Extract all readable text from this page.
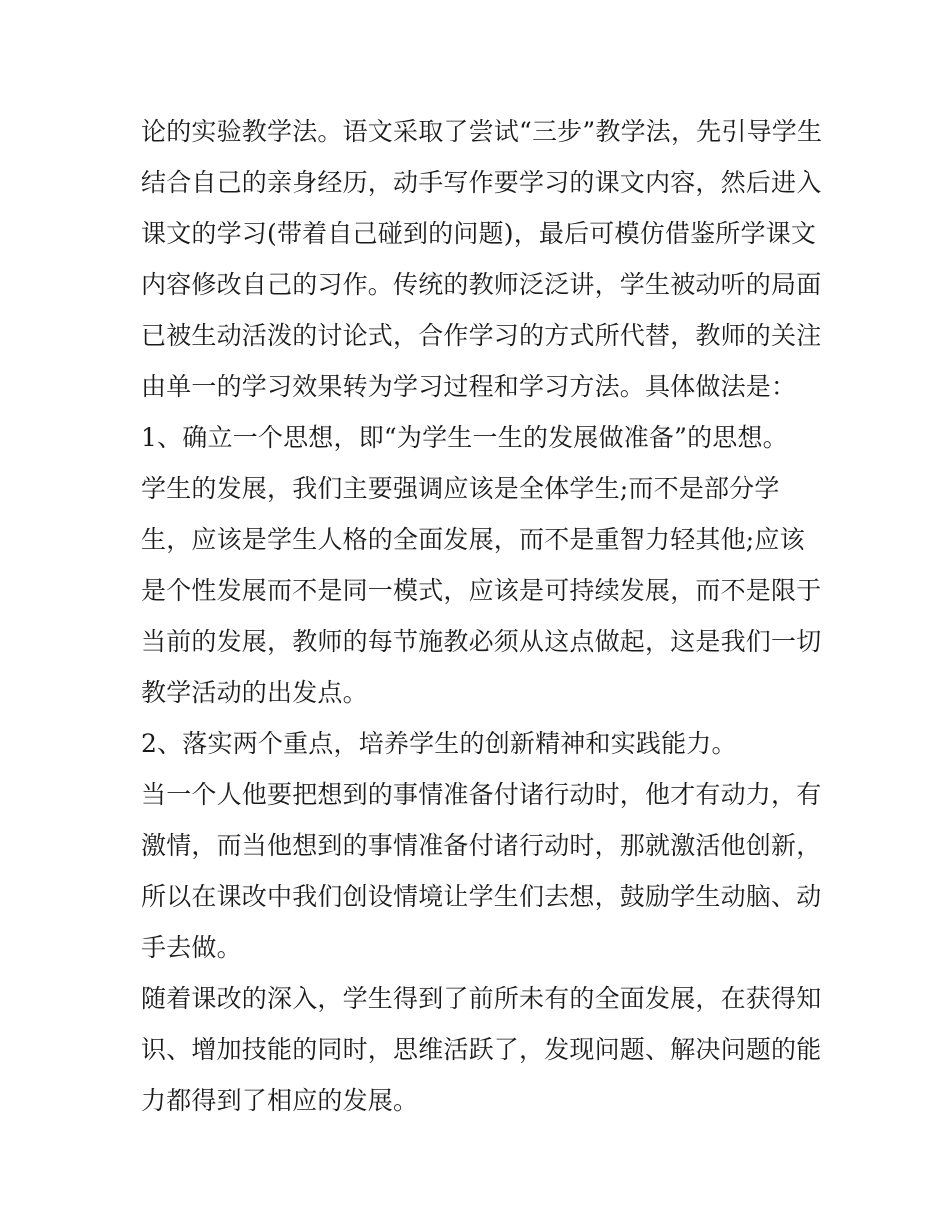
论的实验教学法。语文采取了尝试“三步”教学法，先引导学生
结合自己的亲身经历，动手写作要学习的课文内容，然后进入
课文的学习(带着自己碰到的问题)，最后可模仿借鉴所学课文
内容修改自己的习作。传统的教师泛泛讲，学生被动听的局面
已被生动活泼的讨论式，合作学习的方式所代替，教师的关注
由单一的学习效果转为学习过程和学习方法。具体做法是：
1、确立一个思想，即“为学生一生的发展做准备”的思想。
学生的发展，我们主要强调应该是全体学生;而不是部分学
生，应该是学生人格的全面发展，而不是重智力轻其他;应该
是个性发展而不是同一模式，应该是可持续发展，而不是限于
当前的发展，教师的每节施教必须从这点做起，这是我们一切
教学活动的出发点。
2、落实两个重点，培养学生的创新精神和实践能力。
当一个人他要把想到的事情准备付诸行动时，他才有动力，有
激情，而当他想到的事情准备付诸行动时，那就激活他创新，
所以在课改中我们创设情境让学生们去想，鼓励学生动脑、动
手去做。
随着课改的深入，学生得到了前所未有的全面发展，在获得知
识、增加技能的同时，思维活跃了，发现问题、解决问题的能
力都得到了相应的发展。
